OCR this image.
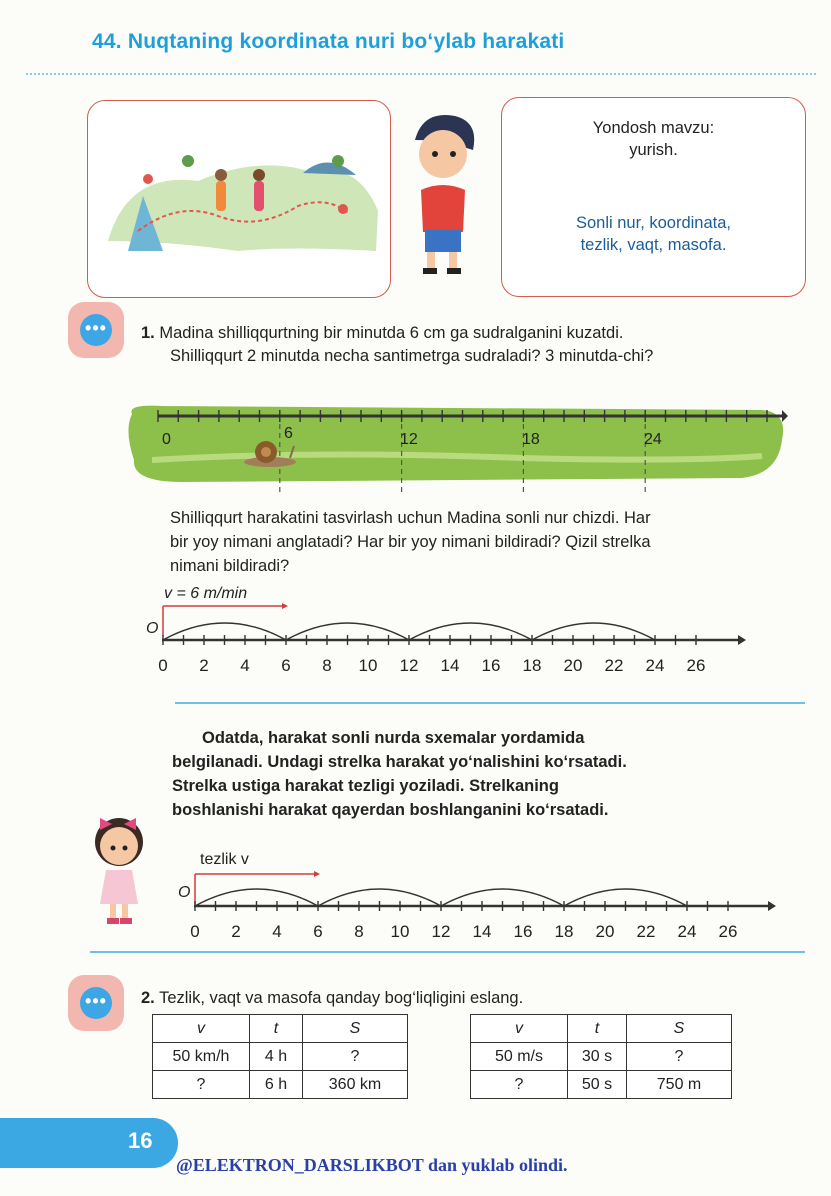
44. Nuqtaning koordinata nuri bo‘ylab harakati
Yondosh mavzu:
yurish.
Sonli nur, koordinata,
tezlik, vaqt, masofa.
•••	1. Madina shilliqqurtning bir minutda 6 cm ga sudralganini kuzatdi.
Shilliqqurt 2 minutda necha santimetrga sudraladi? 3 minutda-chi?
0	6	12	18	24
Shilliqqurt harakatini tasvirlash uchun Madina sonli nur chizdi. Har
bir yoy nimani anglatadi? Har bir yoy nimani bildiradi? Qizil strelka
nimani bildiradi?
v = 6 m/min
O
0 2 4 6 8 10 12 14 16 18 20 22 24 26
Odatda, harakat sonli nurda sxemalar yordamida
belgilanadi. Undagi strelka harakat yo‘nalishini ko‘rsatadi.
Strelka ustiga harakat tezligi yoziladi. Strelkaning
boshlanishi harakat qayerdan boshlanganini ko‘rsatadi.
tezlik v
O
0 2 4 6 8 10 12 14 16 18 20 22 24 26
•••	2. Tezlik, vaqt va masofa qanday bog‘liqligini eslang.
v	t	S
50 km/h	4 h	?
?	6 h	360 km
v	t	S
50 m/s	30 s	?
?	50 s	750 m
16
@ELEKTRON_DARSLIKBOT dan yuklab olindi.
